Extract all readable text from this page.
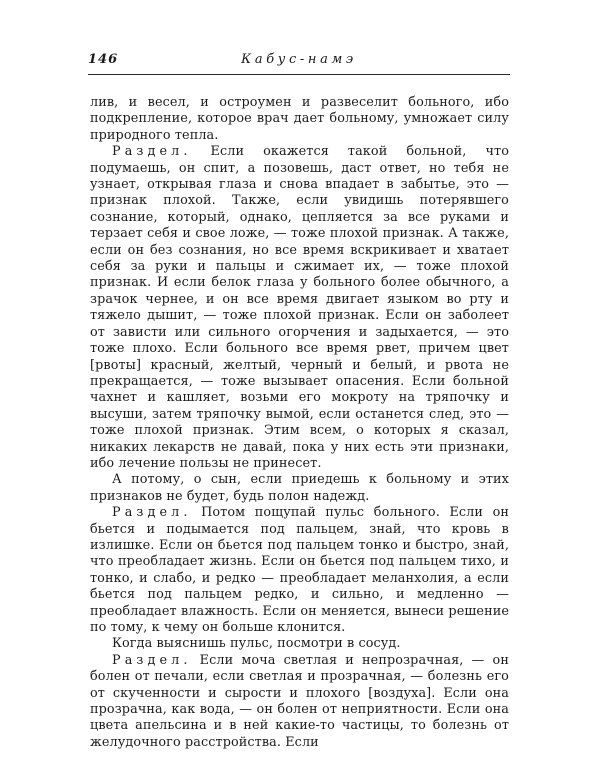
146	Кабус-намэ

лив, и весел, и остроумен и развеселит больного, ибо подкрепление, которое врач дает больному, умножает силу природного тепла.

Раздел. Если окажется такой больной, что подумаешь, он спит, а позовешь, даст ответ, но тебя не узнает, открывая глаза и снова впадает в забытье, это — признак плохой. Также, если увидишь потерявшего сознание, который, однако, цепляется за все руками и терзает себя и свое ложе, — тоже плохой признак. А также, если он без сознания, но все время вскрикивает и хватает себя за руки и пальцы и сжимает их, — тоже плохой признак. И если белок глаза у больного более обычного, а зрачок чернее, и он все время двигает языком во рту и тяжело дышит, — тоже плохой признак. Если он заболеет от зависти или сильного огорчения и задыхается, — это тоже плохо. Если больного все время рвет, причем цвет [рвоты] красный, желтый, черный и белый, и рвота не прекращается, — тоже вызывает опасения. Если больной чахнет и кашляет, возьми его мокроту на тряпочку и высуши, затем тряпочку вымой, если останется след, это — тоже плохой признак. Этим всем, о которых я сказал, никаких лекарств не давай, пока у них есть эти признаки, ибо лечение пользы не принесет.

А потому, о сын, если приедешь к больному и этих признаков не будет, будь полон надежд.

Раздел. Потом пощупай пульс больного. Если он бьется и подымается под пальцем, знай, что кровь в излишке. Если он бьется под пальцем тонко и быстро, знай, что преобладает жизнь. Если он бьется под пальцем тихо, и тонко, и слабо, и редко — преобладает меланхолия, а если бьется под пальцем редко, и сильно, и медленно — преобладает влажность. Если он меняется, вынеси решение по тому, к чему он больше клонится.

Когда выяснишь пульс, посмотри в сосуд.

Раздел. Если моча светлая и непрозрачная, — он болен от печали, если светлая и прозрачная, — болезнь его от скученности и сырости и плохого [воздуха]. Если она прозрачна, как вода, — он болен от неприятности. Если она цвета апельсина и в ней какие-то частицы, то болезнь от желудочного расстройства. Если
